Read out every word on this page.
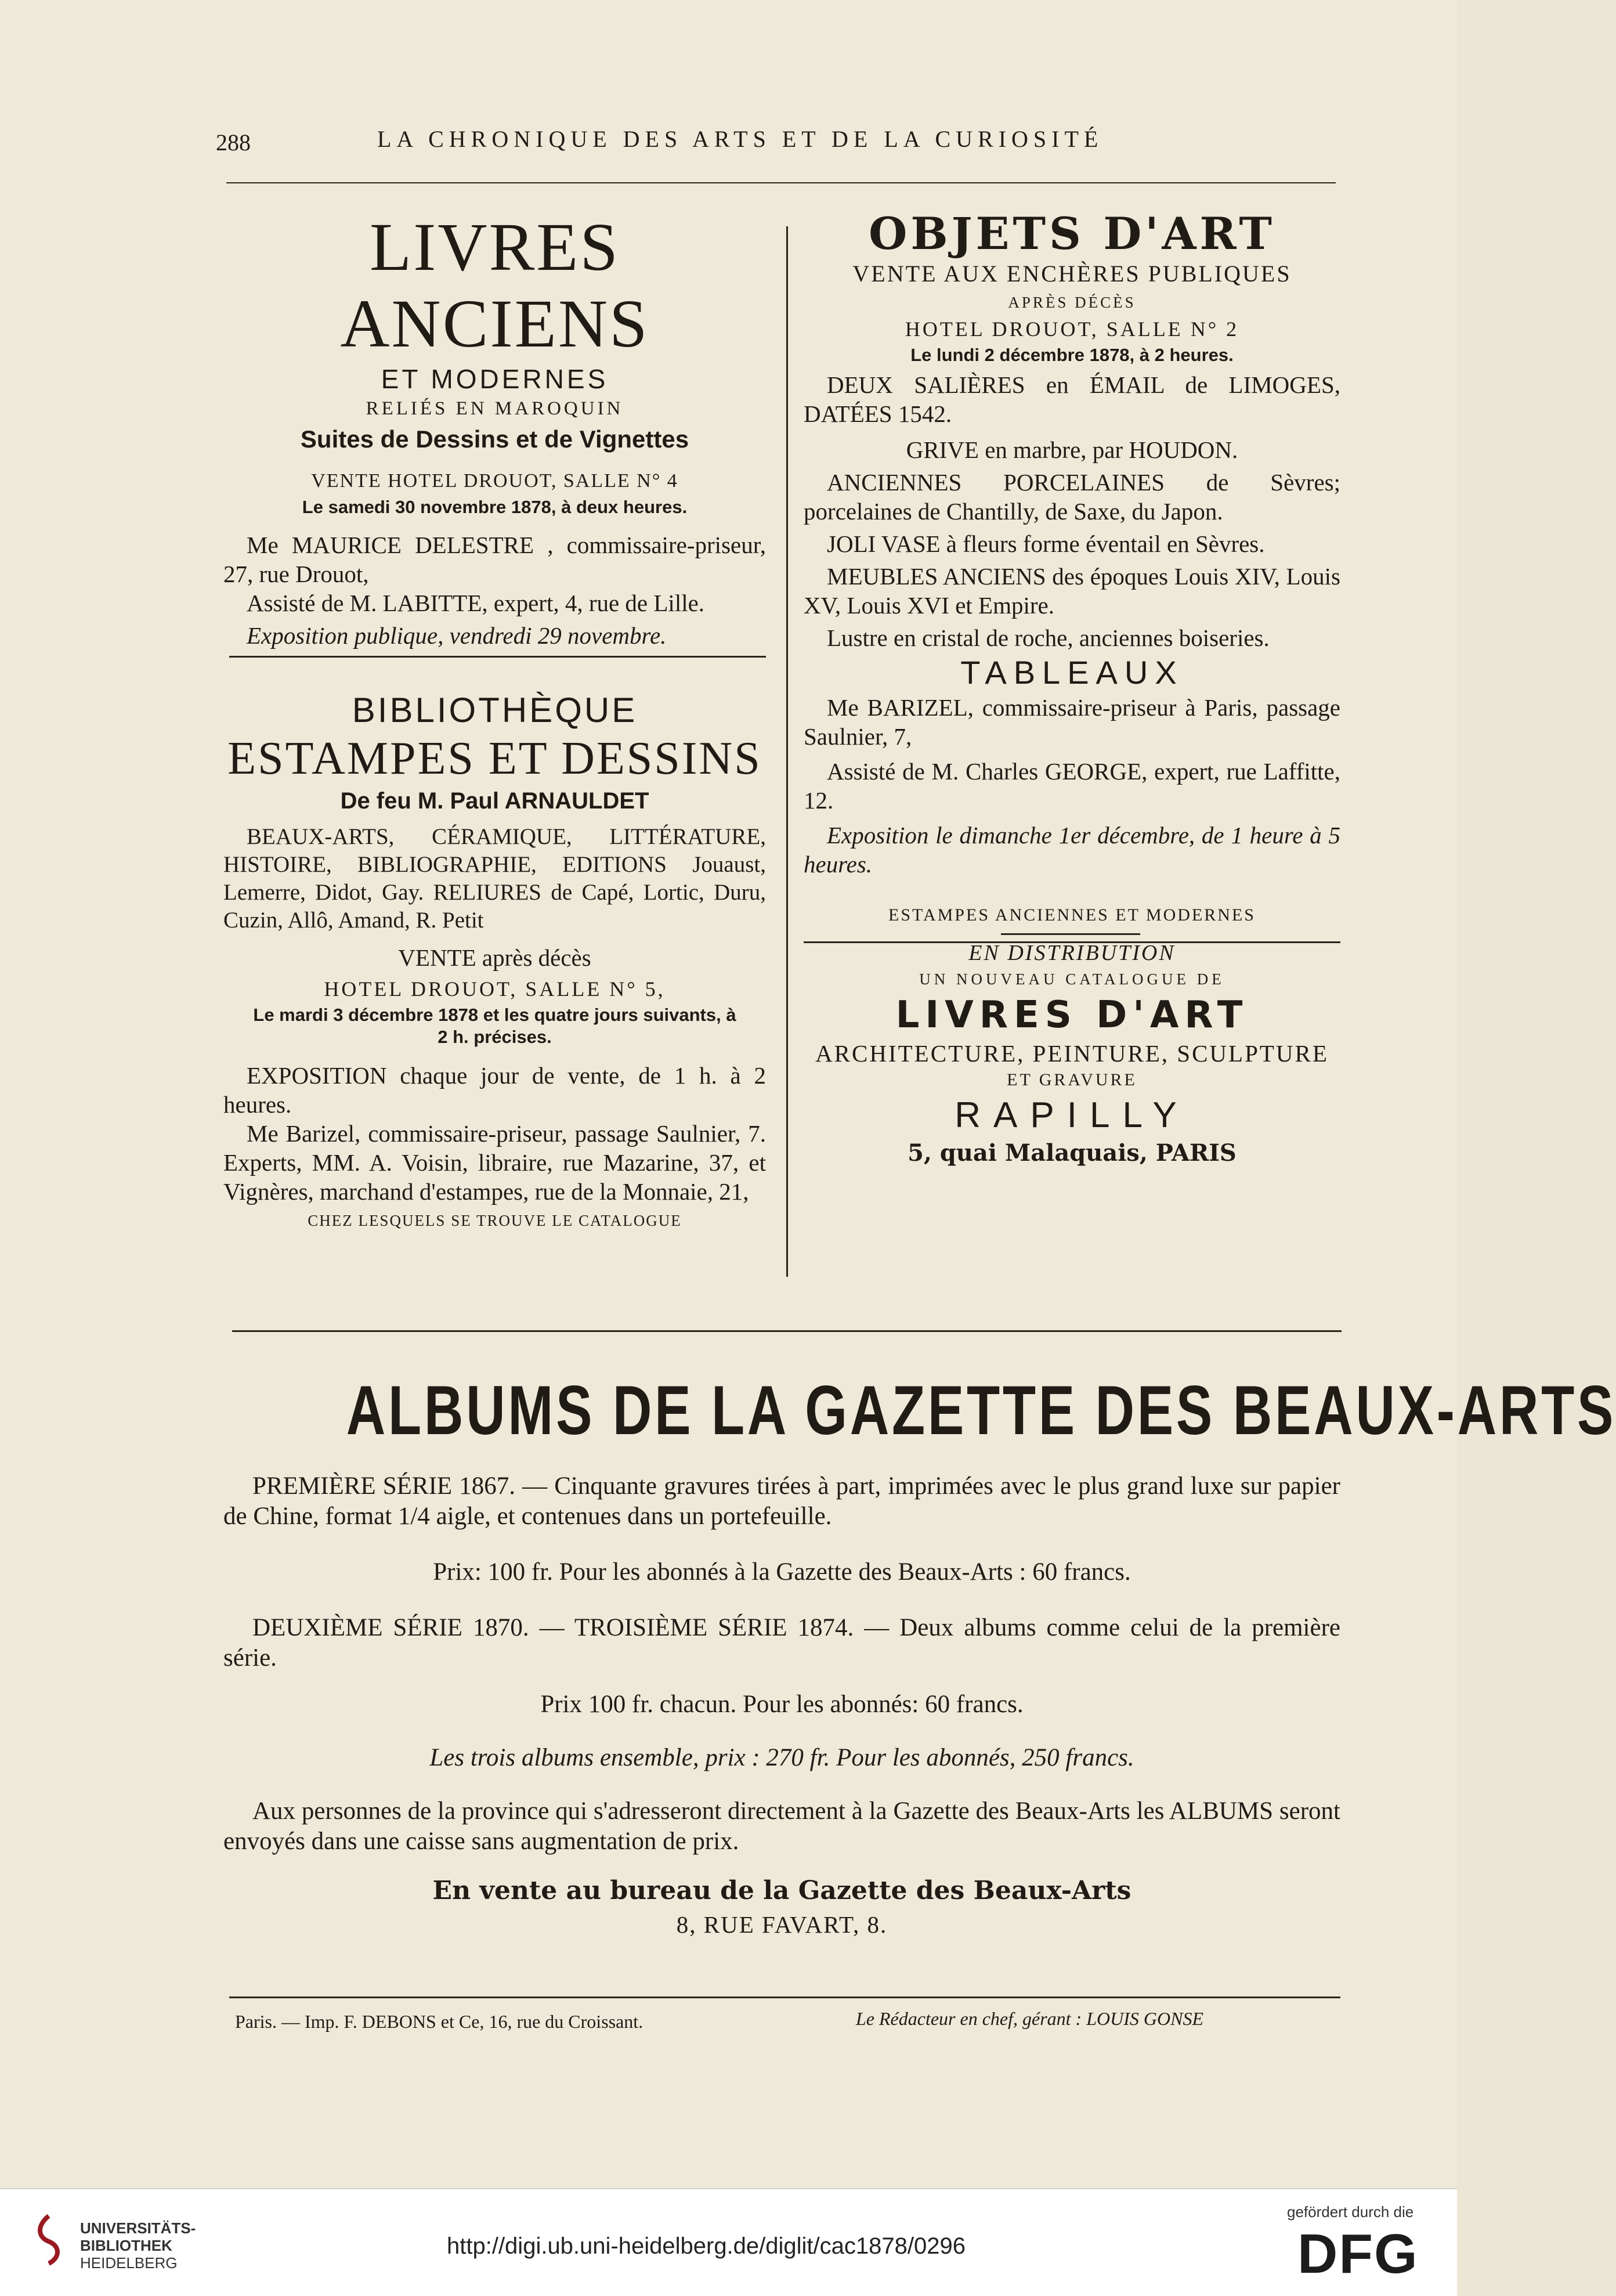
288	LA CHRONIQUE DES ARTS ET DE LA CURIOSITÉ
LIVRES ANCIENS
ET MODERNES
RELIÉS EN MAROQUIN
Suites de Dessins et de Vignettes
VENTE HOTEL DROUOT, SALLE N° 4
Le samedi 30 novembre 1878, à deux heures.

Me MAURICE DELESTRE , commissaire-priseur, 27, rue Drouot,

Assisté de M. LABITTE, expert, 4, rue de Lille.

Exposition publique, vendredi 29 novembre.

BIBLIOTHÈQUE
ESTAMPES ET DESSINS
De feu M. Paul ARNAULDET

BEAUX-ARTS, CÉRAMIQUE, LITTÉRATURE, HISTOIRE, BIBLIOGRAPHIE, EDITIONS Jouaust, Lemerre, Didot, Gay. RELIURES de Capé, Lortic, Duru, Cuzin, Allô, Amand, R. Petit

VENTE après décès
HOTEL DROUOT, SALLE N° 5,
Le mardi 3 décembre 1878 et les quatre jours suivants, à 2 h. précises.

EXPOSITION chaque jour de vente, de 1 h. à 2 heures.

Me Barizel, commissaire-priseur, passage Saulnier, 7. Experts, MM. A. Voisin, libraire, rue Mazarine, 37, et Vignères, marchand d'estampes, rue de la Monnaie, 21,

CHEZ LESQUELS SE TROUVE LE CATALOGUE
OBJETS D'ART
VENTE AUX ENCHÈRES PUBLIQUES
APRÈS DÉCÈS
HOTEL DROUOT, SALLE N° 2
Le lundi 2 décembre 1878, à 2 heures.

DEUX SALIÈRES en ÉMAIL de LIMOGES, DATÉES 1542.

GRIVE en marbre, par HOUDON.

ANCIENNES PORCELAINES de Sèvres; porcelaines de Chantilly, de Saxe, du Japon.

JOLI VASE à fleurs forme éventail en Sèvres.

MEUBLES ANCIENS des époques Louis XIV, Louis XV, Louis XVI et Empire.

Lustre en cristal de roche, anciennes boiseries.

TABLEAUX

Me BARIZEL, commissaire-priseur à Paris, passage Saulnier, 7,

Assisté de M. Charles GEORGE, expert, rue Laffitte, 12.

Exposition le dimanche 1er décembre, de 1 heure à 5 heures.

ESTAMPES ANCIENNES ET MODERNES
EN DISTRIBUTION
UN NOUVEAU CATALOGUE DE
LIVRES D'ART
ARCHITECTURE, PEINTURE, SCULPTURE
ET GRAVURE
RAPILLY
5, quai Malaquais, PARIS
ALBUMS DE LA GAZETTE DES BEAUX-ARTS

PREMIÈRE SÉRIE 1867. — Cinquante gravures tirées à part, imprimées avec le plus grand luxe sur papier de Chine, format 1/4 aigle, et contenues dans un portefeuille.

Prix: 100 fr. Pour les abonnés à la Gazette des Beaux-Arts : 60 francs.

DEUXIÈME SÉRIE 1870. — TROISIÈME SÉRIE 1874. — Deux albums comme celui de la première série.

Prix 100 fr. chacun. Pour les abonnés: 60 francs.

Les trois albums ensemble, prix : 270 fr. Pour les abonnés, 250 francs.

Aux personnes de la province qui s'adresseront directement à la Gazette des Beaux-Arts les ALBUMS seront envoyés dans une caisse sans augmentation de prix.

En vente au bureau de la Gazette des Beaux-Arts

8, RUE FAVART, 8.

Paris. — Imp. F. DEBONS et Ce, 16, rue du Croissant.	Le Rédacteur en chef, gérant : LOUIS GONSE
UNIVERSITÄTS-
BIBLIOTHEK
HEIDELBERG
http://digi.ub.uni-heidelberg.de/diglit/cac1878/0296
gefördert durch die
DFG
